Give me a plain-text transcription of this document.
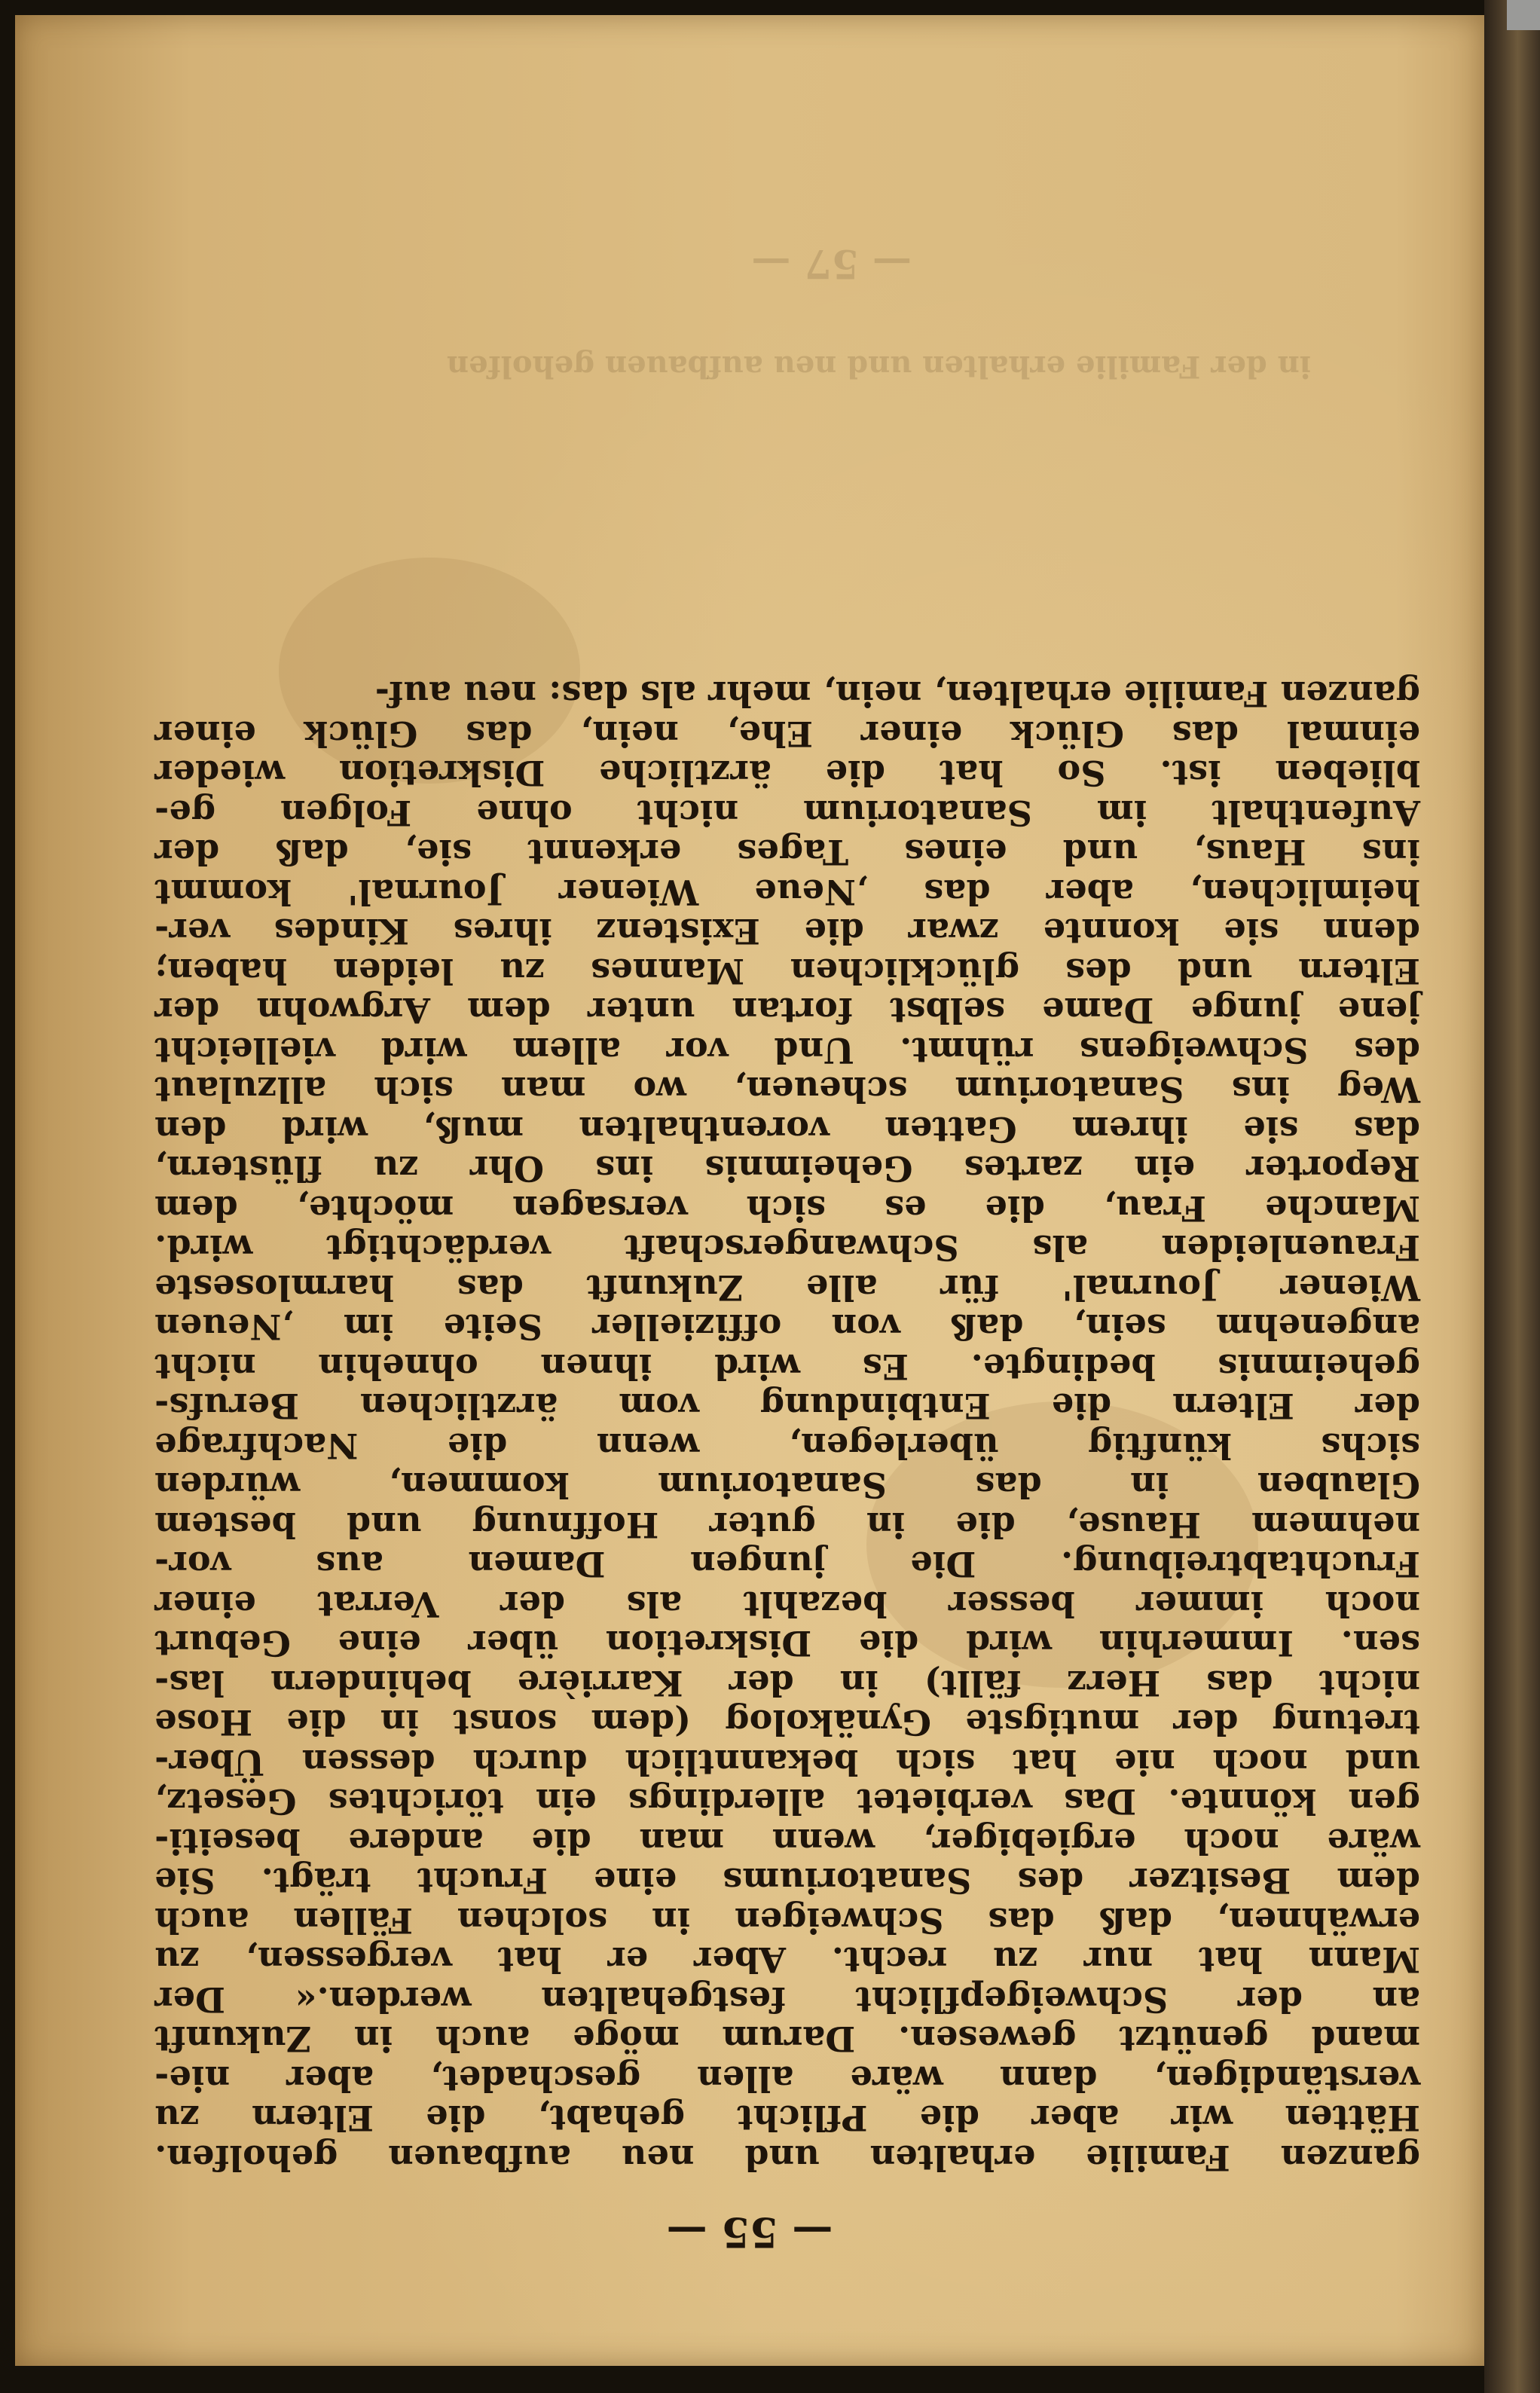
— 57 —
in der Familie erhalten und neu aufbauen geholfen
— 55 —
ganzen Familie erhalten und neu aufbauen geholfen.
Hätten wir aber die Pflicht gehabt, die Eltern zu
verständigen, dann wäre allen geschadet, aber nie-
mand genützt gewesen. Darum möge auch in Zukunft
an der Schweigepflicht festgehalten werden.« Der
Mann hat nur zu recht. Aber er hat vergessen, zu
erwähnen, daß das Schweigen in solchen Fällen auch
dem Besitzer des Sanatoriums eine Frucht trägt. Sie
wäre noch ergiebiger, wenn man die andere beseiti-
gen könnte. Das verbietet allerdings ein törichtes Gesetz,
und noch nie hat sich bekanntlich durch dessen Über-
tretung der mutigste Gynäkolog (dem sonst in die Hose
nicht das Herz fällt) in der Karrière behindern las-
sen. Immerhin wird die Diskretion über eine Geburt
noch immer besser bezahlt als der Verrat einer
Fruchtabtreibung. Die jungen Damen aus vor-
nehmem Hause, die in guter Hoffnung und bestem
Glauben in das Sanatorium kommen, würden
sichs künftig überlegen, wenn die Nachfrage
der Eltern die Entbindung vom ärztlichen Berufs-
geheimnis bedingte. Es wird ihnen ohnehin nicht
angenehm sein, daß von offizieller Seite im ‚Neuen
Wiener Journal' für alle Zukunft das harmloseste
Frauenleiden als Schwangerschaft verdächtigt wird.
Manche Frau, die es sich versagen möchte, dem
Reporter ein zartes Geheimnis ins Ohr zu flüstern,
das sie ihrem Gatten vorenthalten muß, wird den
Weg ins Sanatorium scheuen, wo man sich allzulaut
des Schweigens rühmt. Und vor allem wird vielleicht
jene junge Dame selbst fortan unter dem Argwohn der
Eltern und des glücklichen Mannes zu leiden haben;
denn sie konnte zwar die Existenz ihres Kindes ver-
heimlichen, aber das ‚Neue Wiener Journal' kommt
ins Haus, und eines Tages erkennt sie, daß der
Aufenthalt im Sanatorium nicht ohne Folgen ge-
blieben ist. So hat die ärztliche Diskretion wieder
einmal das Glück einer Ehe, nein, das Glück einer
ganzen Familie erhalten, nein, mehr als das: neu auf-
